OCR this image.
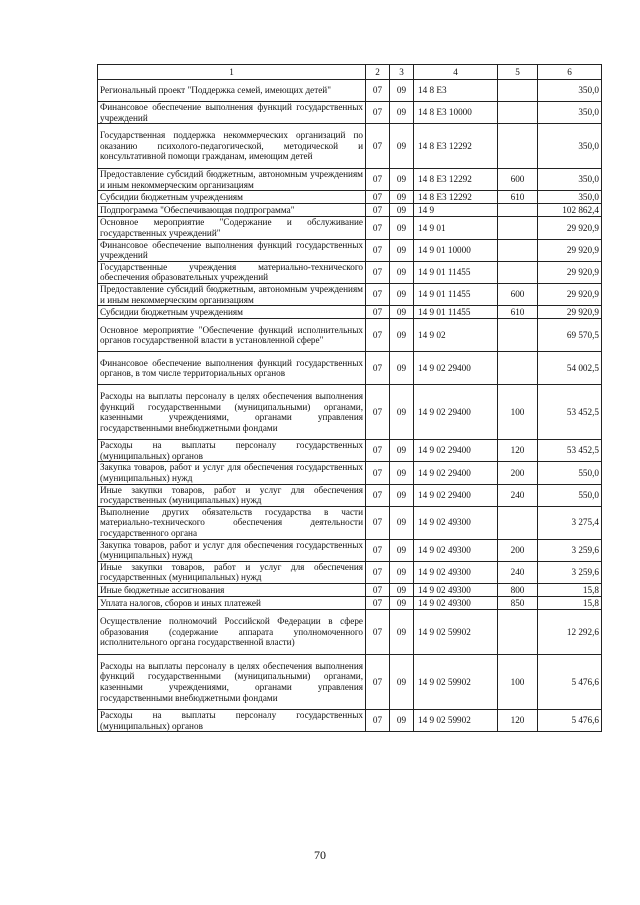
1	2	3	4	5	6
Региональный проект "Поддержка семей, имеющих детей"	07	09	14 8 E3		350,0
Финансовое обеспечение выполнения функций государственных учреждений	07	09	14 8 E3 10000		350,0
Государственная поддержка некоммерческих организаций по оказанию психолого-педагогической, методической и консультативной помощи гражданам, имеющим детей	07	09	14 8 E3 12292		350,0
Предоставление субсидий бюджетным, автономным учреждениям и иным некоммерческим организациям	07	09	14 8 E3 12292	600	350,0
Субсидии бюджетным учреждениям	07	09	14 8 E3 12292	610	350,0
Подпрограмма "Обеспечивающая подпрограмма"	07	09	14 9		102 862,4
Основное мероприятие "Содержание и обслуживание государственных учреждений"	07	09	14 9 01		29 920,9
Финансовое обеспечение выполнения функций государственных учреждений	07	09	14 9 01 10000		29 920,9
Государственные учреждения материально-технического обеспечения образовательных учреждений	07	09	14 9 01 11455		29 920,9
Предоставление субсидий бюджетным, автономным учреждениям и иным некоммерческим организациям	07	09	14 9 01 11455	600	29 920,9
Субсидии бюджетным учреждениям	07	09	14 9 01 11455	610	29 920,9
Основное мероприятие "Обеспечение функций исполнительных органов государственной власти в установленной сфере"	07	09	14 9 02		69 570,5
Финансовое обеспечение выполнения функций государственных органов, в том числе территориальных органов	07	09	14 9 02 29400		54 002,5
Расходы на выплаты персоналу в целях обеспечения выполнения функций государственными (муниципальными) органами, казенными учреждениями, органами управления государственными внебюджетными фондами	07	09	14 9 02 29400	100	53 452,5
Расходы на выплаты персоналу государственных (муниципальных) органов	07	09	14 9 02 29400	120	53 452,5
Закупка товаров, работ и услуг для обеспечения государственных (муниципальных) нужд	07	09	14 9 02 29400	200	550,0
Иные закупки товаров, работ и услуг для обеспечения государственных (муниципальных) нужд	07	09	14 9 02 29400	240	550,0
Выполнение других обязательств государства в части материально-технического обеспечения деятельности государственного органа	07	09	14 9 02 49300		3 275,4
Закупка товаров, работ и услуг для обеспечения государственных (муниципальных) нужд	07	09	14 9 02 49300	200	3 259,6
Иные закупки товаров, работ и услуг для обеспечения государственных (муниципальных) нужд	07	09	14 9 02 49300	240	3 259,6
Иные бюджетные ассигнования	07	09	14 9 02 49300	800	15,8
Уплата налогов, сборов и иных платежей	07	09	14 9 02 49300	850	15,8
Осуществление полномочий Российской Федерации в сфере образования (содержание аппарата уполномоченного исполнительного органа государственной власти)	07	09	14 9 02 59902		12 292,6
Расходы на выплаты персоналу в целях обеспечения выполнения функций государственными (муниципальными) органами, казенными учреждениями, органами управления государственными внебюджетными фондами	07	09	14 9 02 59902	100	5 476,6
Расходы на выплаты персоналу государственных (муниципальных) органов	07	09	14 9 02 59902	120	5 476,6
70
